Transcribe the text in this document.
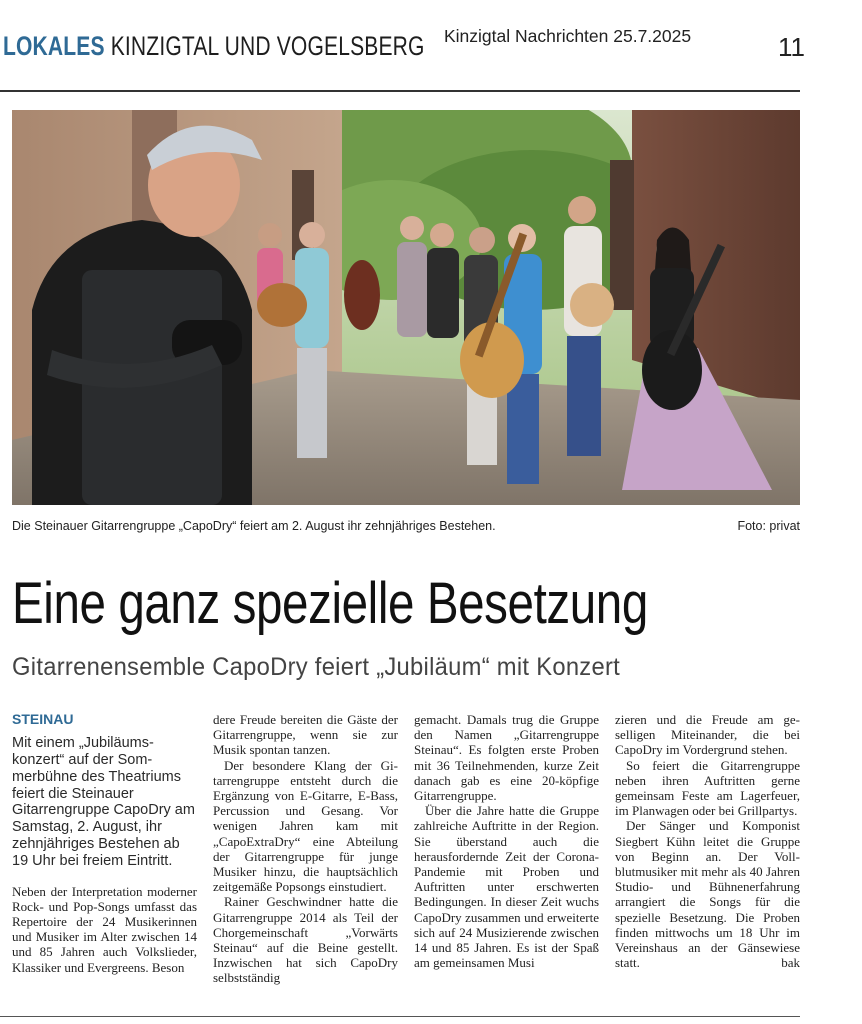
LOKALES KINZIGTAL UND VOGELSBERG Kinzigtal Nachrichten 25.7.2025	11
Die Steinauer Gitarrengruppe „CapoDry“ feiert am 2. August ihr zehnjähriges Bestehen.	Foto: privat
Eine ganz spezielle Besetzung
Gitarrenensemble CapoDry feiert „Jubiläum“ mit Konzert

STEINAU

Mit einem „Jubiläumskonzert“ auf der Sommerbühne des Theatriums feiert die Steinauer Gitarrengruppe CapoDry am Samstag, 2. August, ihr zehnjähriges Bestehen ab 19 Uhr bei freiem Eintritt.

Neben der Interpretation moderner Rock- und Pop-Songs umfasst das Repertoire der 24 Musikerinnen und Musiker im Alter zwischen 14 und 85 Jahren auch Volkslieder, Klassiker und Evergreens. Beson

dere Freude bereiten die Gäste der Gitarrengruppe, wenn sie zur Musik spontan tanzen.

Der besondere Klang der Gitarrengruppe entsteht durch die Ergänzung von E-Gitarre, E-Bass, Percussion und Gesang. Vor wenigen Jahren kam mit „CapoExtraDry“ eine Abteilung der Gitarrengruppe für junge Musiker hinzu, die hauptsächlich zeitgemäße Popsongs einstudiert.

Rainer Geschwindner hatte die Gitarrengruppe 2014 als Teil der Chorgemeinschaft „Vorwärts Steinau“ auf die Beine gestellt. Inzwischen hat sich CapoDry selbstständig

gemacht. Damals trug die Gruppe den Namen „Gitarrengruppe Steinau“. Es folgten erste Proben mit 36 Teilnehmenden, kurze Zeit danach gab es eine 20-köpfige Gitarrengruppe.

Über die Jahre hatte die Gruppe zahlreiche Auftritte in der Region. Sie überstand auch die herausfordernde Zeit der Corona-Pandemie mit Proben und Auftritten unter erschwerten Bedingungen. In dieser Zeit wuchs CapoDry zusammen und erweiterte sich auf 24 Musizierende zwischen 14 und 85 Jahren. Es ist der Spaß am gemeinsamen Musi

zieren und die Freude am geselligen Miteinander, die bei CapoDry im Vordergrund stehen.

So feiert die Gitarrengruppe neben ihren Auftritten gerne gemeinsam Feste am Lagerfeuer, im Planwagen oder bei Grillpartys.

Der Sänger und Komponist Siegbert Kühn leitet die Gruppe von Beginn an. Der Vollblutmusiker mit mehr als 40 Jahren Studio- und Bühnenerfahrung arrangiert die Songs für die spezielle Besetzung. Die Proben finden mittwochs um 18 Uhr im Vereinshaus an der Gänsewiese statt.	bak
